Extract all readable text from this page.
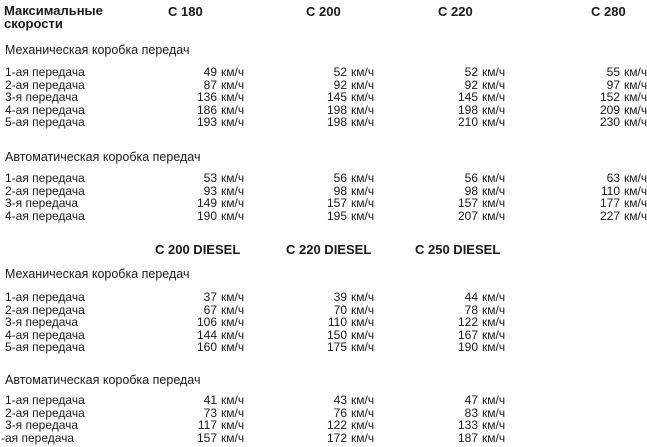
Максимальные
скорости
С 180	С 200	С 220	С 280
Механическая коробка передач
1-ая передача	49 км/ч	52 км/ч	52 км/ч	55 км/ч
2-ая передача	87 км/ч	92 км/ч	92 км/ч	97 км/ч
3-я передача	136 км/ч	145 км/ч	145 км/ч	152 км/ч
4-ая передача	186 км/ч	198 км/ч	198 км/ч	209 км/ч
5-ая передача	193 км/ч	198 км/ч	210 км/ч	230 км/ч
Автоматическая коробка передач
1-ая передача	53 км/ч	56 км/ч	56 км/ч	63 км/ч
2-ая передача	93 км/ч	98 км/ч	98 км/ч	110 км/ч
3-я передача	149 км/ч	157 км/ч	157 км/ч	177 км/ч
4-ая передача	190 км/ч	195 км/ч	207 км/ч	227 км/ч
С 200 DIESEL	С 220 DIESEL	С 250 DIESEL
Механическая коробка передач
1-ая передача	37 км/ч	39 км/ч	44 км/ч
2-ая передача	67 км/ч	70 км/ч	78 км/ч
3-я передача	106 км/ч	110 км/ч	122 км/ч
4-ая передача	144 км/ч	150 км/ч	167 км/ч
5-ая передача	160 км/ч	175 км/ч	190 км/ч
Автоматическая коробка передач
1-ая передача	41 км/ч	43 км/ч	47 км/ч
2-ая передача	73 км/ч	76 км/ч	83 км/ч
3-я передача	117 км/ч	122 км/ч	133 км/ч
-ая передача	157 км/ч	172 км/ч	187 км/ч
